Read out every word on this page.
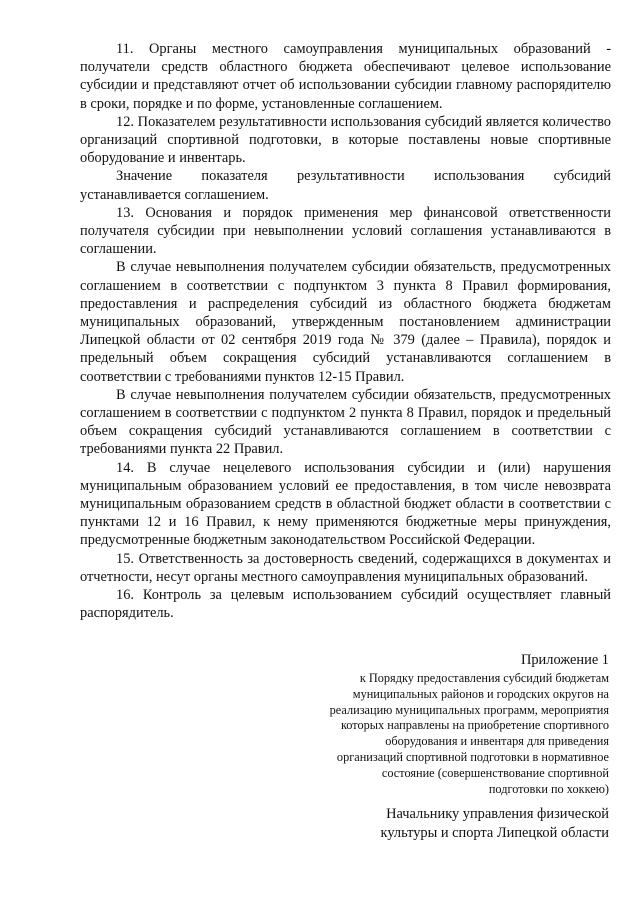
11. Органы местного самоуправления муниципальных образований - получатели средств областного бюджета обеспечивают целевое использование субсидии и представляют отчет об использовании субсидии главному распорядителю в сроки, порядке и по форме, установленные соглашением.

12. Показателем результативности использования субсидий является количество организаций спортивной подготовки, в которые поставлены новые спортивные оборудование и инвентарь.

Значение показателя результативности использования субсидий устанавливается соглашением.

13. Основания и порядок применения мер финансовой ответственности получателя субсидии при невыполнении условий соглашения устанавливаются в соглашении.

В случае невыполнения получателем субсидии обязательств, предусмотренных соглашением в соответствии с подпунктом 3 пункта 8 Правил формирования, предоставления и распределения субсидий из областного бюджета бюджетам муниципальных образований, утвержденным постановлением администрации Липецкой области от 02 сентября 2019 года № 379 (далее – Правила), порядок и предельный объем сокращения субсидий устанавливаются соглашением в соответствии с требованиями пунктов 12-15 Правил.

В случае невыполнения получателем субсидии обязательств, предусмотренных соглашением в соответствии с подпунктом 2 пункта 8 Правил, порядок и предельный объем сокращения субсидий устанавливаются соглашением в соответствии с требованиями пункта 22 Правил.

14. В случае нецелевого использования субсидии и (или) нарушения муниципальным образованием условий ее предоставления, в том числе невозврата муниципальным образованием средств в областной бюджет области в соответствии с пунктами 12 и 16 Правил, к нему применяются бюджетные меры принуждения, предусмотренные бюджетным законодательством Российской Федерации.

15. Ответственность за достоверность сведений, содержащихся в документах и отчетности, несут органы местного самоуправления муниципальных образований.

16. Контроль за целевым использованием субсидий осуществляет главный распорядитель.

Приложение 1

к Порядку предоставления субсидий бюджетам
муниципальных районов и городских округов на
реализацию муниципальных программ, мероприятия
которых направлены на приобретение спортивного
оборудования и инвентаря для приведения
организаций спортивной подготовки в нормативное
состояние (совершенствование спортивной
подготовки по хоккею)

Начальнику управления физической
культуры и спорта Липецкой области
